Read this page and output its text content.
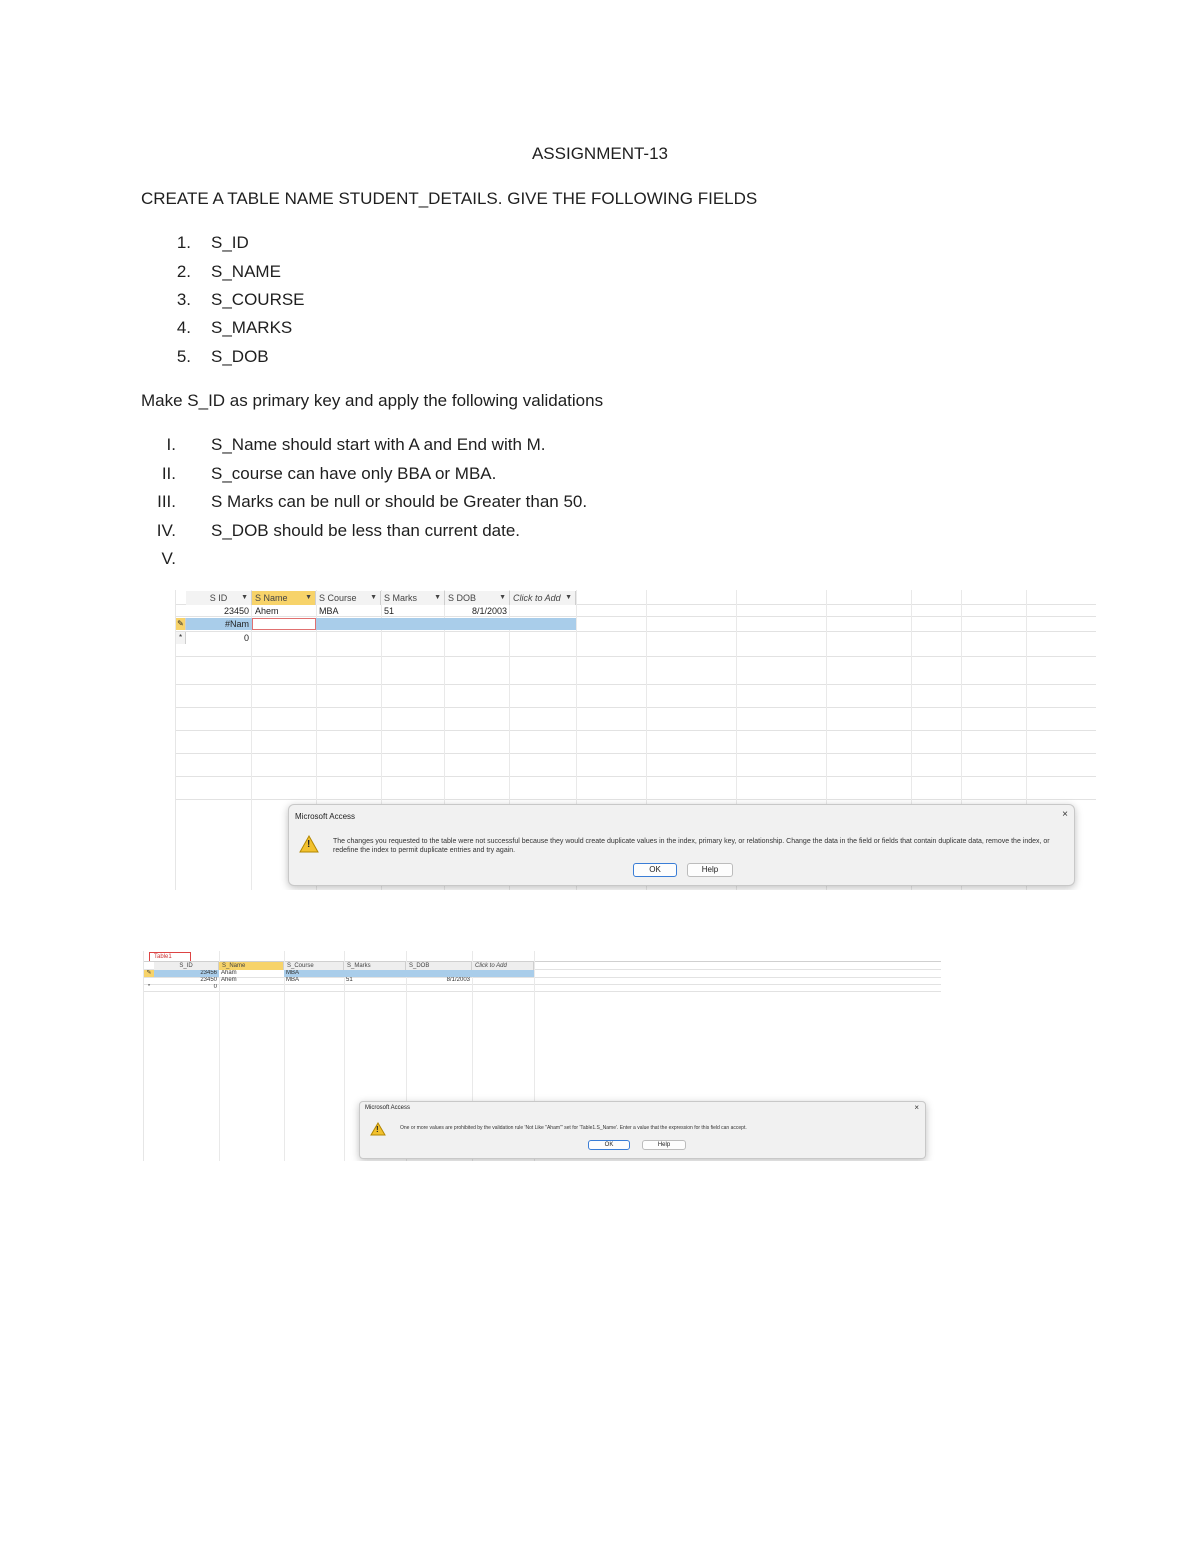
ASSIGNMENT-13
CREATE A TABLE NAME STUDENT_DETAILS. GIVE THE FOLLOWING FIELDS
1. S_ID
2. S_NAME
3. S_COURSE
4. S_MARKS
5. S_DOB
Make S_ID as primary key and apply the following validations
I. S_Name should start with A and End with M.
II. S_course can have only BBA or MBA.
III. S Marks can be null or should be Greater than 50.
IV. S_DOB should be less than current date.
V.
S ID ▼ S Name	▼ S Course ▼ S Marks ▼ S DOB	▼ Click to Add ▼
23450 Ahem	MBA	51	8/1/2003
✎	#Nam
*	0
Microsoft Access	×
!	The changes you requested to the table were not successful because they would create duplicate values in the index, primary key, or relationship. Change the data in the field or fields that contain duplicate data, remove the index, or redefine the index to permit duplicate entries and try again.
OK	Help
Table1
S_ID	S_Name	S_Course	S_Marks	S_DOB	Click to Add
✎	23456 Aham	MBA
23450 Ahem	MBA	51	8/1/2003
*	0
Microsoft Access	×
!	One or more values are prohibited by the validation rule 'Not Like "Aham"' set for 'Table1.S_Name'. Enter a value that the expression for this field can accept.
OK	Help
